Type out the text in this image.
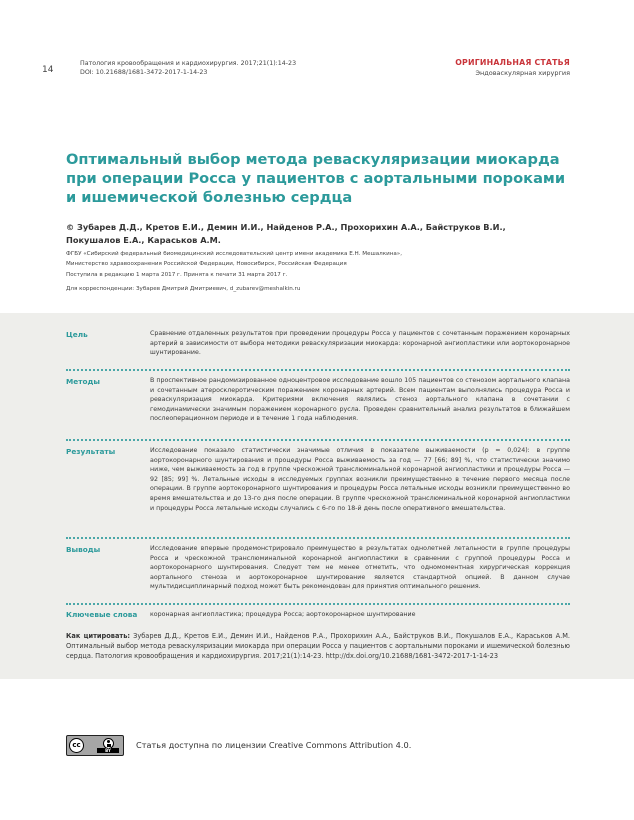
14
Патология кровообращения и кардиохирургия. 2017;21(1):14-23
DOI: 10.21688/1681-3472-2017-1-14-23
ОРИГИНАЛЬНАЯ СТАТЬЯ
Эндоваскулярная хирургия
Оптимальный выбор метода реваскуляризации миокарда
при операции Росса у пациентов с аортальными пороками
и ишемической болезнью сердца
© Зубарев Д.Д., Кретов Е.И., Демин И.И., Найденов Р.А., Прохорихин А.А., Байструков В.И.,
Покушалов Е.А., Караськов А.М.
ФГБУ «Сибирский федеральный биомедицинский исследовательский центр имени академика Е.Н. Мешалкина»,
Министерство здравоохранения Российской Федерации, Новосибирск, Российская Федерация
Поступила в редакцию 1 марта 2017 г. Принята к печати 31 марта 2017 г.
Для корреспонденции: Зубарев Дмитрий Дмитриевич, d_zubarev@meshalkin.ru
Цель	Сравнение отдаленных результатов при проведении процедуры Росса у пациентов с сочетанным поражением коронарных артерий в зависимости от выбора методики реваскуляризации миокарда: коронарной ангиопластики или аортокоронарное шунтирование.
Методы	В проспективное рандомизированное одноцентровое исследование вошло 105 пациентов со стенозом аортального клапана и сочетанным атеросклеротическим поражением коронарных артерий. Всем пациентам выполнялись процедура Росса и реваскуляризация миокарда. Критериями включения являлись стеноз аортального клапана в сочетании с гемодинамически значимым поражением коронарного русла. Проведен сравнительный анализ результатов в ближайшем послеоперационном периоде и в течение 1 года наблюдения.
Результаты	Исследование показало статистически значимые отличия в показателе выживаемости (p = 0,024): в группе аортокоронарного шунтирования и процедуры Росса выживаемость за год — 77 [66; 89] %, что статистически значимо ниже, чем выживаемость за год в группе чрескожной транслюминальной коронарной ангиопластики и процедуры Росса — 92 [85; 99] %. Летальные исходы в исследуемых группах возникли преимущественно в течение первого месяца после операции. В группе аортокоронарного шунтирования и процедуры Росса летальные исходы возникли преимущественно во время вмешательства и до 13-го дня после операции. В группе чрескожной транслюминальной коронарной ангиопластики и процедуры Росса летальные исходы случались с 6-го по 18-й день после оперативного вмешательства.
Выводы	Исследование впервые продемонстрировало преимущество в результатах однолетней летальности в группе процедуры Росса и чрескожной транслюминальной коронарной ангиопластики в сравнении с группой процедуры Росса и аортокоронарного шунтирования. Следует тем не менее отметить, что одномоментная хирургическая коррекция аортального стеноза и аортокоронарное шунтирование является стандартной опцией. В данном случае мультидисциплинарный подход может быть рекомендован для принятия оптимального решения.
Ключевые слова коронарная ангиопластика; процедура Росса; аортокоронарное шунтирование
Как цитировать: Зубарев Д.Д., Кретов Е.И., Демин И.И., Найденов Р.А., Прохорихин А.А., Байструков В.И., Покушалов Е.А., Караськов А.М. Оптимальный выбор метода реваскуляризации миокарда при операции Росса у пациентов с аортальными пороками и ишемической болезнью сердца. Патология кровообращения и кардиохирургия. 2017;21(1):14-23. http://dx.doi.org/10.21688/1681-3472-2017-1-14-23
cc
BY
Статья доступна по лицензии Creative Commons Attribution 4.0.
